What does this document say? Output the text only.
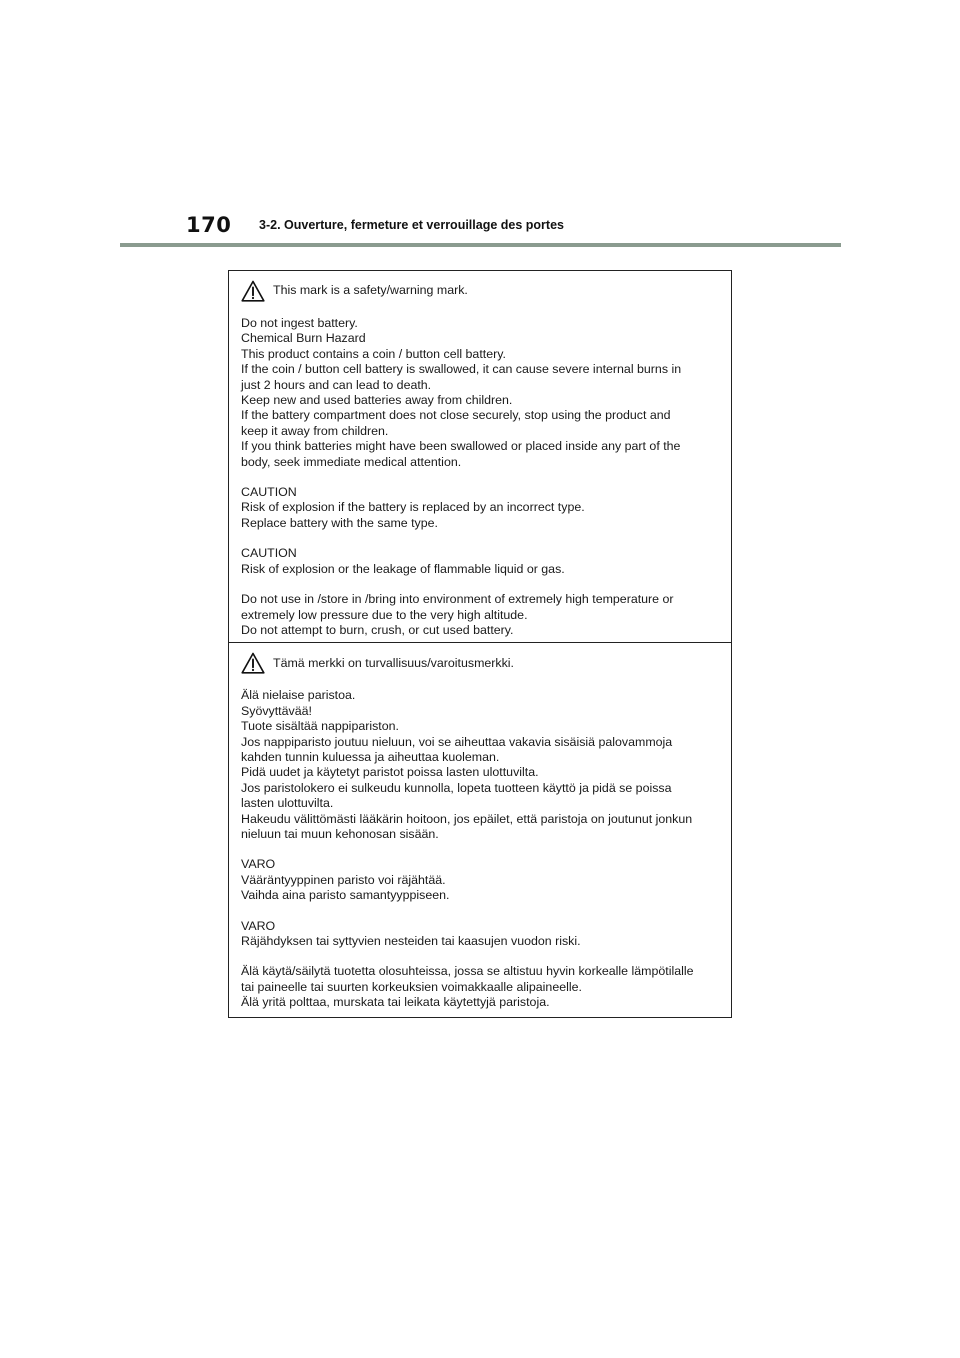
170 3-2. Ouverture, fermeture et verrouillage des portes
This mark is a safety/warning mark.
Do not ingest battery.
Chemical Burn Hazard
This product contains a coin / button cell battery.
If the coin / button cell battery is swallowed, it can cause severe internal burns in
just 2 hours and can lead to death.
Keep new and used batteries away from children.
If the battery compartment does not close securely, stop using the product and
keep it away from children.
If you think batteries might have been swallowed or placed inside any part of the
body, seek immediate medical attention.
CAUTION
Risk of explosion if the battery is replaced by an incorrect type.
Replace battery with the same type.
CAUTION
Risk of explosion or the leakage of flammable liquid or gas.
Do not use in /store in /bring into environment of extremely high temperature or
extremely low pressure due to the very high altitude.
Do not attempt to burn, crush, or cut used battery.
Tämä merkki on turvallisuus/varoitusmerkki.
Älä nielaise paristoa.
Syövyttävää!
Tuote sisältää nappipariston.
Jos nappiparisto joutuu nieluun, voi se aiheuttaa vakavia sisäisiä palovammoja
kahden tunnin kuluessa ja aiheuttaa kuoleman.
Pidä uudet ja käytetyt paristot poissa lasten ulottuvilta.
Jos paristolokero ei sulkeudu kunnolla, lopeta tuotteen käyttö ja pidä se poissa
lasten ulottuvilta.
Hakeudu välittömästi lääkärin hoitoon, jos epäilet, että paristoja on joutunut jonkun
nieluun tai muun kehonosan sisään.
VARO
Vääräntyyppinen paristo voi räjähtää.
Vaihda aina paristo samantyyppiseen.
VARO
Räjähdyksen tai syttyvien nesteiden tai kaasujen vuodon riski.
Älä käytä/säilytä tuotetta olosuhteissa, jossa se altistuu hyvin korkealle lämpötilalle
tai paineelle tai suurten korkeuksien voimakkaalle alipaineelle.
Älä yritä polttaa, murskata tai leikata käytettyjä paristoja.
